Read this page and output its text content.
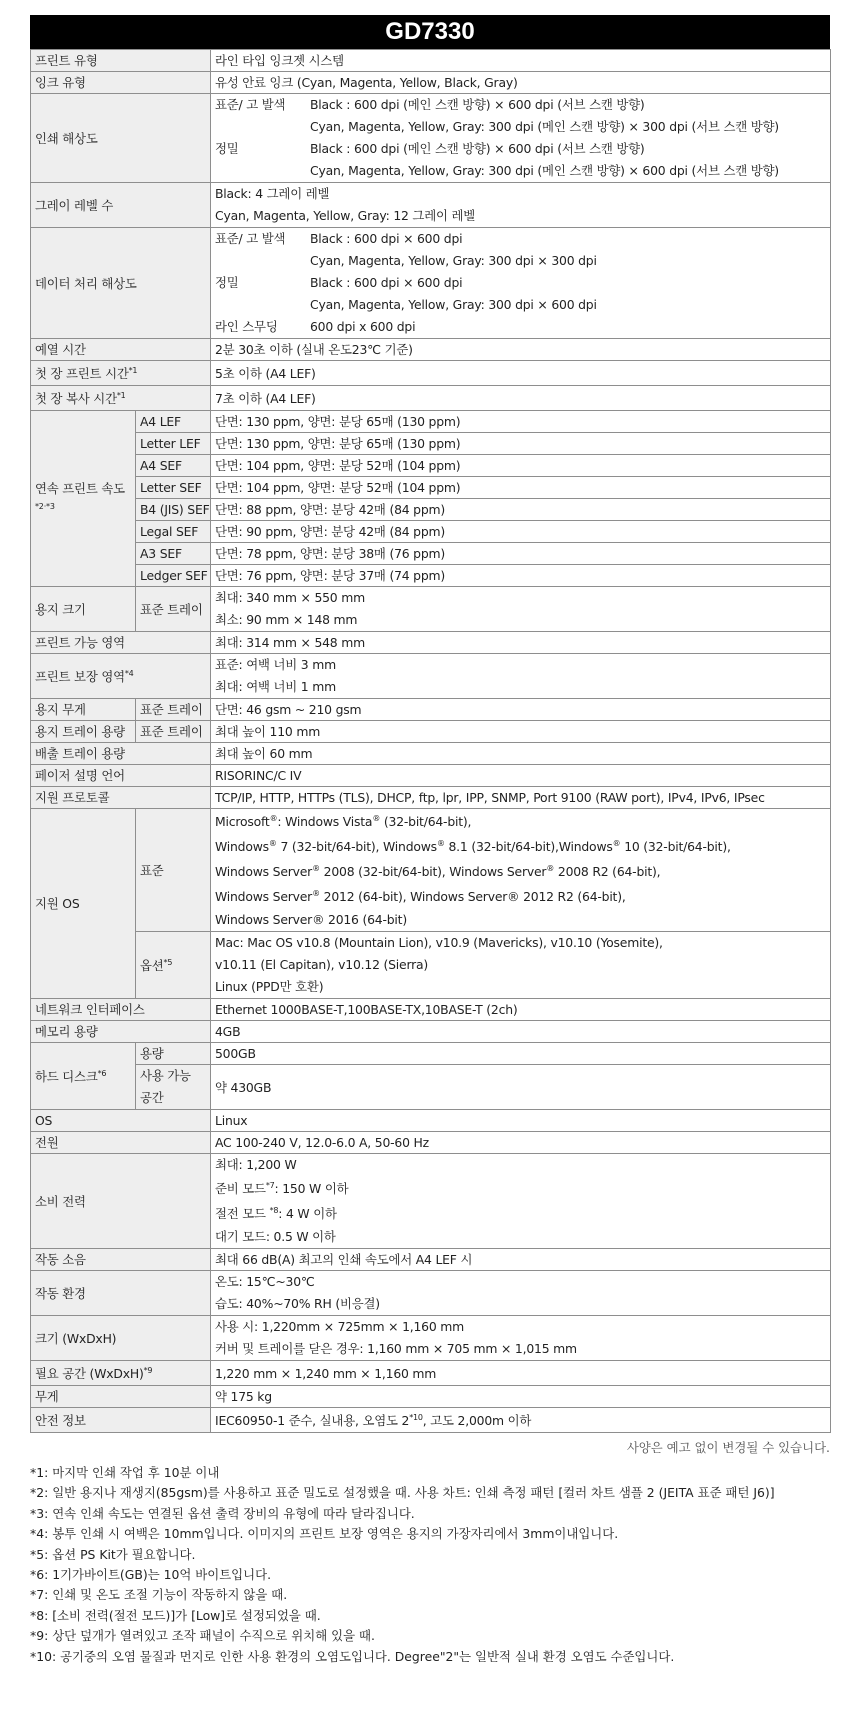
GD7330
프린트 유형		라인 타입 잉크젯 시스템
잉크 유형		유성 안료 잉크 (Cyan, Magenta, Yellow, Black, Gray)
인쇄 해상도		표준/ 고 발색 Black : 600 dpi (메인 스캔 방향) × 600 dpi (서브 스캔 방향)
Cyan, Magenta, Yellow, Gray: 300 dpi (메인 스캔 방향) × 300 dpi (서브 스캔 방향)
정밀 Black : 600 dpi (메인 스캔 방향) × 600 dpi (서브 스캔 방향)
Cyan, Magenta, Yellow, Gray: 300 dpi (메인 스캔 방향) × 600 dpi (서브 스캔 방향)

그레이 레벨 수		Black: 4 그레이 레벨
Cyan, Magenta, Yellow, Gray: 12 그레이 레벨

데이터 처리 해상도		표준/ 고 발색 Black : 600 dpi × 600 dpi
Cyan, Magenta, Yellow, Gray: 300 dpi × 300 dpi
정밀 Black : 600 dpi × 600 dpi
Cyan, Magenta, Yellow, Gray: 300 dpi × 600 dpi
라인 스무딩 600 dpi x 600 dpi

예열 시간		2분 30초 이하 (실내 온도23℃ 기준)
첫 장 프린트 시간$^{*1}$		5초 이하 (A4 LEF)
첫 장 복사 시간$^{*1}$		7초 이하 (A4 LEF)
연속 프린트 속도
$^{*2\cdot*3}$	A4 LEF	단면: 130 ppm, 양면: 분당 65매 (130 ppm)
	Letter LEF	단면: 130 ppm, 양면: 분당 65매 (130 ppm)
	A4 SEF	단면: 104 ppm, 양면: 분당 52매 (104 ppm)
	Letter SEF	단면: 104 ppm, 양면: 분당 52매 (104 ppm)
	B4 (JIS) SEF	단면: 88 ppm, 양면: 분당 42매 (84 ppm)
	Legal SEF	단면: 90 ppm, 양면: 분당 42매 (84 ppm)
	A3 SEF	단면: 78 ppm, 양면: 분당 38매 (76 ppm)
	Ledger SEF	단면: 76 ppm, 양면: 분당 37매 (74 ppm)
용지 크기	표준 트레이	최대: 340 mm × 550 mm
최소: 90 mm × 148 mm

프린트 가능 영역		최대: 314 mm × 548 mm
프린트 보장 영역$^{*4}$		표준: 여백 너비 3 mm
최대: 여백 너비 1 mm

용지 무게	표준 트레이	단면: 46 gsm ~ 210 gsm
용지 트레이 용량	표준 트레이	최대 높이 110 mm
배출 트레이 용량		최대 높이 60 mm
페이저 설명 언어		RISORINC/C IV
지원 프로토콜		TCP/IP, HTTP, HTTPs (TLS), DHCP, ftp, lpr, IPP, SNMP, Port 9100 (RAW port), IPv4, IPv6, IPsec
지원 OS	표준	Microsoft®: Windows Vista® (32-bit/64-bit),
Windows® 7 (32-bit/64-bit), Windows® 8.1 (32-bit/64-bit),Windows® 10 (32-bit/64-bit),
Windows Server® 2008 (32-bit/64-bit), Windows Server® 2008 R2 (64-bit),
Windows Server® 2012 (64-bit), Windows Server® 2012 R2 (64-bit),
Windows Server® 2016 (64-bit)

	옵션$^{*5}$	Mac: Mac OS v10.8 (Mountain Lion), v10.9 (Mavericks), v10.10 (Yosemite),
v10.11 (El Capitan), v10.12 (Sierra)
Linux (PPD만 호환)

네트워크 인터페이스		Ethernet 1000BASE-T,100BASE-TX,10BASE-T (2ch)
메모리 용량		4GB
하드 디스크$^{*6}$	용량	500GB

	사용 가능
공간	약 430GB
OS		Linux
전원		AC 100-240 V, 12.0-6.0 A, 50-60 Hz
소비 전력		최대: 1,200 W
준비 모드$^{*7}$: 150 W 이하
절전 모드 $^{*8}$: 4 W 이하
대기 모드: 0.5 W 이하

작동 소음		최대 66 dB(A) 최고의 인쇄 속도에서 A4 LEF 시
작동 환경		온도: 15℃~30℃
습도: 40%~70% RH (비응결)

크기 (WxDxH)		사용 시: 1,220mm × 725mm × 1,160 mm
커버 및 트레이를 닫은 경우: 1,160 mm × 705 mm × 1,015 mm

필요 공간 (WxDxH)$^{*9}$		1,220 mm × 1,240 mm × 1,160 mm
무게		약 175 kg
안전 정보		IEC60950-1 준수, 실내용, 오염도 2$^{*10}$, 고도 2,000m 이하
사양은 예고 없이 변경될 수 있습니다.
*1: 마지막 인쇄 작업 후 10분 이내
*2: 일반 용지나 재생지(85gsm)를 사용하고 표준 밀도로 설정했을 때. 사용 차트: 인쇄 측정 패턴 [컬러 차트 샘플 2 (JEITA 표준 패턴 J6)]
*3: 연속 인쇄 속도는 연결된 옵션 출력 장비의 유형에 따라 달라집니다.
*4: 봉투 인쇄 시 여백은 10mm입니다. 이미지의 프린트 보장 영역은 용지의 가장자리에서 3mm이내입니다.
*5: 옵션 PS Kit가 필요합니다.
*6: 1기가바이트(GB)는 10억 바이트입니다.
*7: 인쇄 및 온도 조절 기능이 작동하지 않을 때.
*8: [소비 전력(절전 모드)]가 [Low]로 설정되었을 때.
*9: 상단 덮개가 열려있고 조작 패널이 수직으로 위치해 있을 때.
*10: 공기중의 오염 물질과 먼지로 인한 사용 환경의 오염도입니다. Degree"2"는 일반적 실내 환경 오염도 수준입니다.
